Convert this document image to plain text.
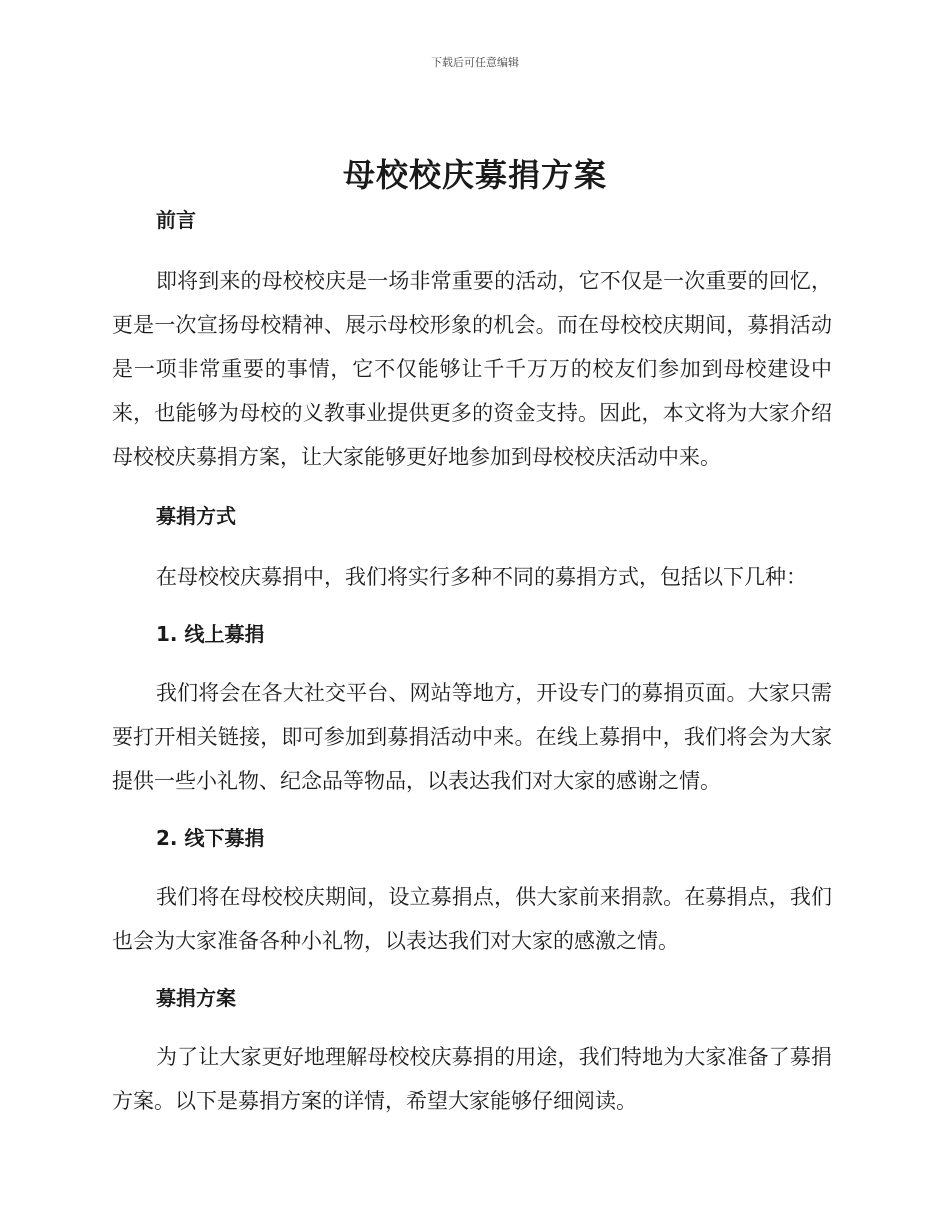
下载后可任意编辑
母校校庆募捐方案

前言

即将到来的母校校庆是一场非常重要的活动，它不仅是一次重要的回忆，更是一次宣扬母校精神、展示母校形象的机会。而在母校校庆期间，募捐活动是一项非常重要的事情，它不仅能够让千千万万的校友们参加到母校建设中来，也能够为母校的义教事业提供更多的资金支持。因此，本文将为大家介绍母校校庆募捐方案，让大家能够更好地参加到母校校庆活动中来。

募捐方式

在母校校庆募捐中，我们将实行多种不同的募捐方式，包括以下几种：

1. 线上募捐

我们将会在各大社交平台、网站等地方，开设专门的募捐页面。大家只需要打开相关链接，即可参加到募捐活动中来。在线上募捐中，我们将会为大家提供一些小礼物、纪念品等物品，以表达我们对大家的感谢之情。

2. 线下募捐

我们将在母校校庆期间，设立募捐点，供大家前来捐款。在募捐点，我们也会为大家准备各种小礼物，以表达我们对大家的感激之情。

募捐方案

为了让大家更好地理解母校校庆募捐的用途，我们特地为大家准备了募捐方案。以下是募捐方案的详情，希望大家能够仔细阅读。
